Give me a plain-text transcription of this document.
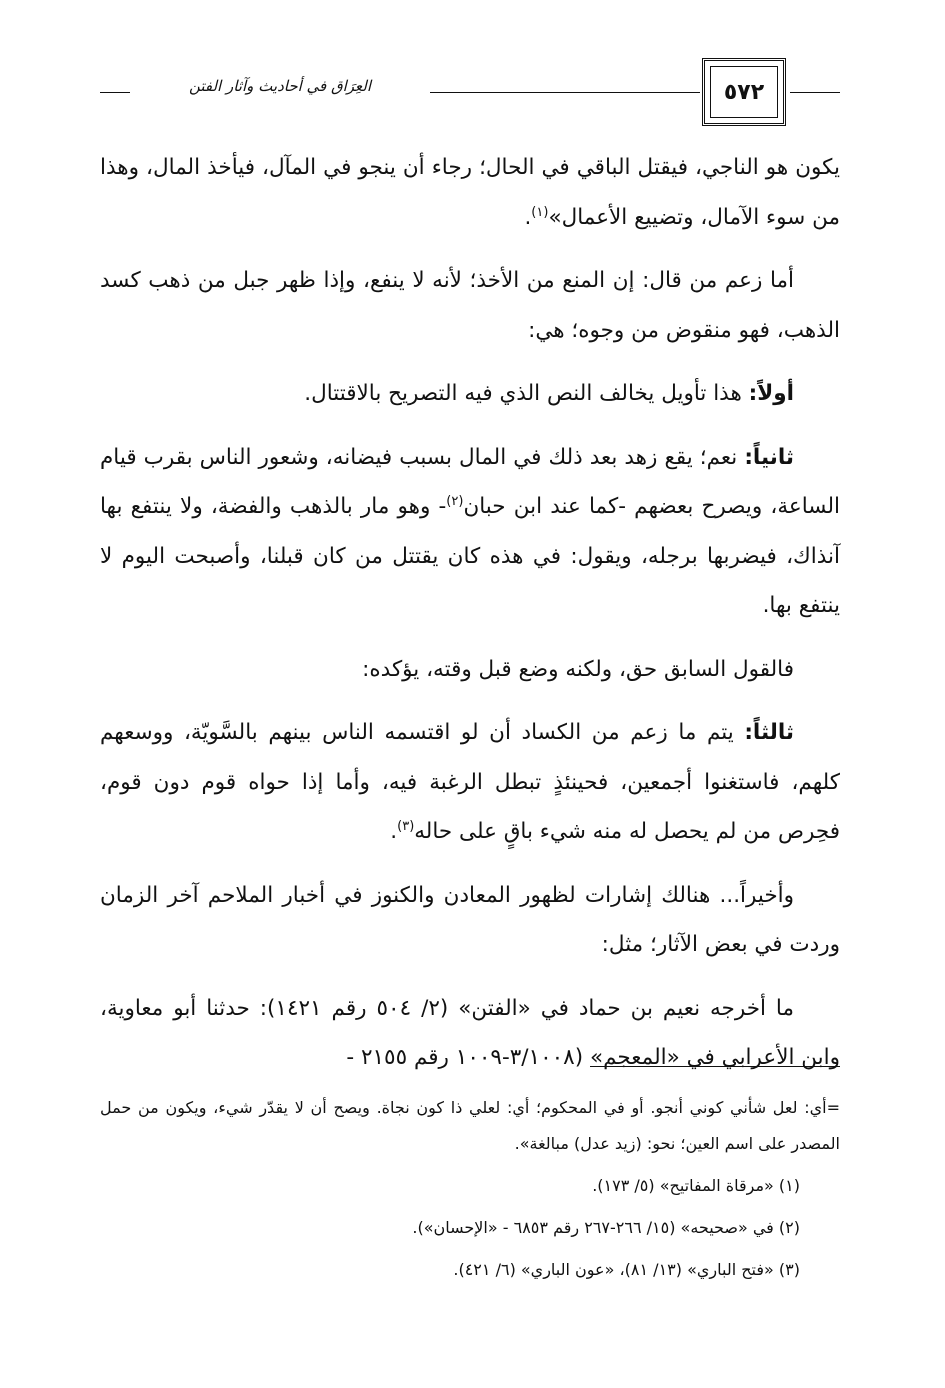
العِرَاق في أحاديث وآثار الفتن	٥٧٢

يكون هو الناجي، فيقتل الباقي في الحال؛ رجاء أن ينجو في المآل، فيأخذ المال، وهذا من سوء الآمال، وتضييع الأعمال»$^{(١)}$.

أما زعم من قال: إن المنع من الأخذ؛ لأنه لا ينفع، وإذا ظهر جبل من ذهب كسد الذهب، فهو منقوض من وجوه؛ هي:

أولاً: هذا تأويل يخالف النص الذي فيه التصريح بالاقتتال.

ثانياً: نعم؛ يقع زهد بعد ذلك في المال بسبب فيضانه، وشعور الناس بقرب قيام الساعة، ويصرح بعضهم -كما عند ابن حبان$^{(٢)}$- وهو مار بالذهب والفضة، ولا ينتفع بها آنذاك، فيضربها برجله، ويقول: في هذه كان يقتتل من كان قبلنا، وأصبحت اليوم لا ينتفع بها.

فالقول السابق حق، ولكنه وضع قبل وقته، يؤكده:

ثالثاً: يتم ما زعم من الكساد أن لو اقتسمه الناس بينهم بالسَّويّة، ووسعهم كلهم، فاستغنوا أجمعين، فحينئذٍ تبطل الرغبة فيه، وأما إذا حواه قوم دون قوم، فحِرص من لم يحصل له منه شيء باقٍ على حاله$^{(٣)}$.

وأخيراً... هنالك إشارات لظهور المعادن والكنوز في أخبار الملاحم آخر الزمان وردت في بعض الآثار؛ مثل:

ما أخرجه نعيم بن حماد في «الفتن» (٢/ ٥٠٤ رقم ١٤٢١): حدثنا أبو معاوية، وابن الأعرابي في «المعجم» (٣/١٠٠٨-١٠٠٩ رقم ٢١٥٥ -

=أي: لعل شأني كوني أنجو. أو في المحكوم؛ أي: لعلي ذا كون نجاة. ويصح أن لا يقدّر شيء، ويكون من حمل المصدر على اسم العين؛ نحو: (زيد عدل) مبالغة».

(١) «مرقاة المفاتيح» (٥/ ١٧٣).

(٢) في «صحيحه» (١٥/ ٢٦٦-٢٦٧ رقم ٦٨٥٣ - «الإحسان»).

(٣) «فتح الباري» (١٣/ ٨١)، «عون الباري» (٦/ ٤٢١).
